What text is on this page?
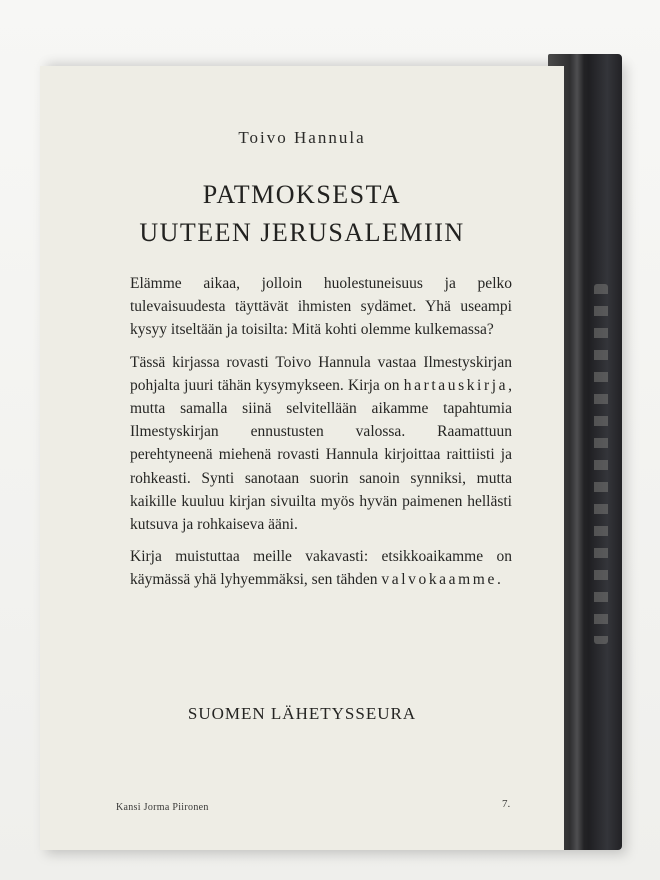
Toivo Hannula
PATMOKSESTA
UUTEEN JERUSALEMIIN

Elämme aikaa, jolloin huolestuneisuus ja pelko tulevaisuudesta täyttävät ihmisten sydämet. Yhä useampi kysyy itseltään ja toisilta: Mitä kohti olemme kulkemassa?

Tässä kirjassa rovasti Toivo Hannula vastaa Ilmestyskirjan pohjalta juuri tähän kysymykseen. Kirja on hartauskirja, mutta samalla siinä selvitellään aikamme tapahtumia Ilmestyskirjan ennustusten valossa. Raamattuun perehtyneenä miehenä rovasti Hannula kirjoittaa raittiisti ja rohkeasti. Synti sanotaan suorin sanoin synniksi, mutta kaikille kuuluu kirjan sivuilta myös hyvän paimenen hellästi kutsuva ja rohkaiseva ääni.

Kirja muistuttaa meille vakavasti: etsikkoaikamme on käymässä yhä lyhyemmäksi, sen tähden valvokaamme.

SUOMEN LÄHETYSSEURA
Kansi Jorma Piironen	7.
